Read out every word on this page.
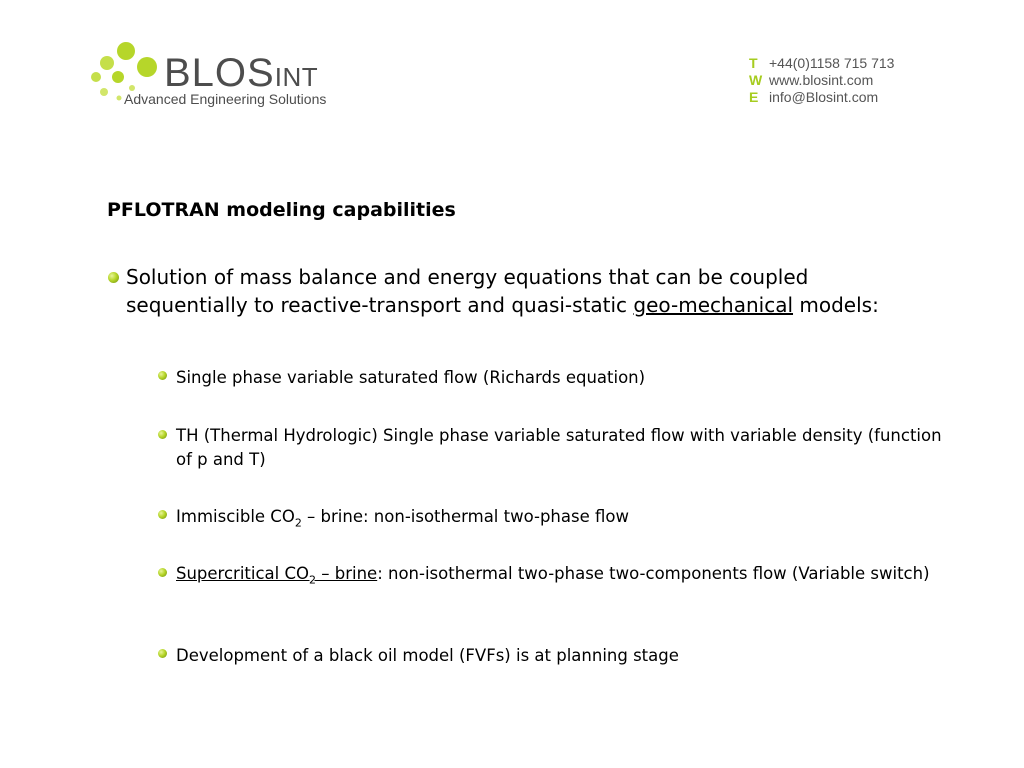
BLOSINT
Advanced Engineering Solutions
T +44(0)1158 715 713
W www.blosint.com
E info@Blosint.com
PFLOTRAN modeling capabilities
Solution of mass balance and energy equations that can be coupled sequentially to reactive-transport and quasi-static geo-mechanical models:
Single phase variable saturated flow (Richards equation)
TH (Thermal Hydrologic) Single phase variable saturated flow with variable density (function of p and T)
Immiscible $CO_2$ – brine: non-isothermal two-phase flow
Supercritical $CO_2$ – brine: non-isothermal two-phase two-components flow (Variable switch)
Development of a black oil model (FVFs) is at planning stage
